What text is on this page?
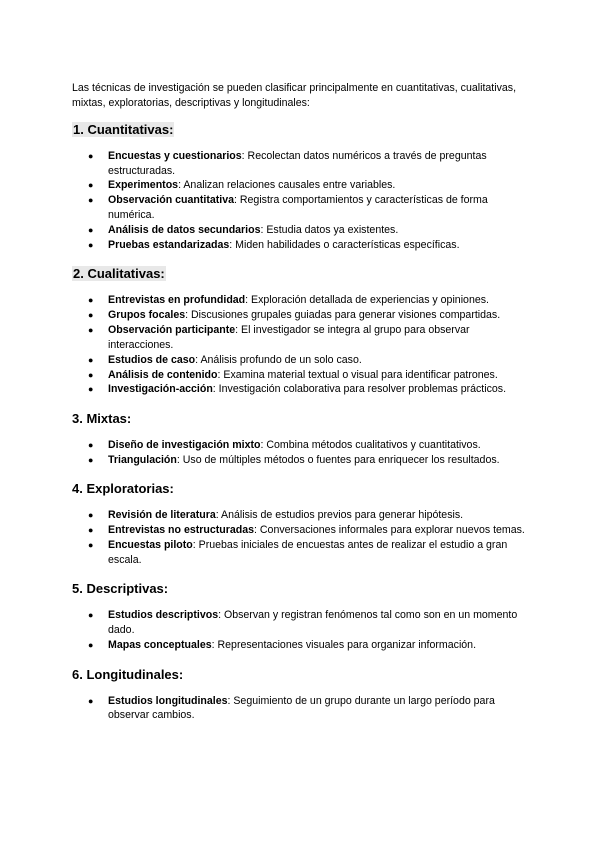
Las técnicas de investigación se pueden clasificar principalmente en cuantitativas, cualitativas, mixtas, exploratorias, descriptivas y longitudinales:

1. Cuantitativas:
● Encuestas y cuestionarios: Recolectan datos numéricos a través de preguntas estructuradas.
● Experimentos: Analizan relaciones causales entre variables.
● Observación cuantitativa: Registra comportamientos y características de forma numérica.
● Análisis de datos secundarios: Estudia datos ya existentes.
● Pruebas estandarizadas: Miden habilidades o características específicas.
2. Cualitativas:
● Entrevistas en profundidad: Exploración detallada de experiencias y opiniones.
● Grupos focales: Discusiones grupales guiadas para generar visiones compartidas.
● Observación participante: El investigador se integra al grupo para observar interacciones.
● Estudios de caso: Análisis profundo de un solo caso.
● Análisis de contenido: Examina material textual o visual para identificar patrones.
● Investigación-acción: Investigación colaborativa para resolver problemas prácticos.
3. Mixtas:
● Diseño de investigación mixto: Combina métodos cualitativos y cuantitativos.
● Triangulación: Uso de múltiples métodos o fuentes para enriquecer los resultados.
4. Exploratorias:
● Revisión de literatura: Análisis de estudios previos para generar hipótesis.
● Entrevistas no estructuradas: Conversaciones informales para explorar nuevos temas.
● Encuestas piloto: Pruebas iniciales de encuestas antes de realizar el estudio a gran escala.
5. Descriptivas:
● Estudios descriptivos: Observan y registran fenómenos tal como son en un momento dado.
● Mapas conceptuales: Representaciones visuales para organizar información.
6. Longitudinales:
● Estudios longitudinales: Seguimiento de un grupo durante un largo período para observar cambios.
